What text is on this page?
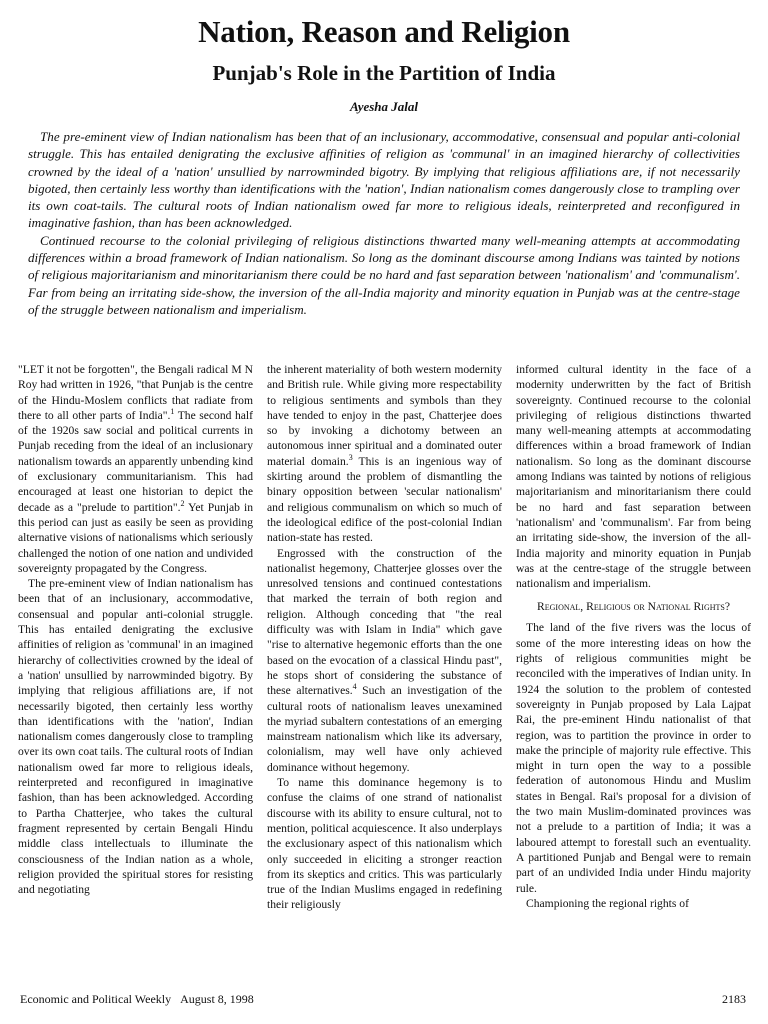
Nation, Reason and Religion
Punjab's Role in the Partition of India
Ayesha Jalal

The pre-eminent view of Indian nationalism has been that of an inclusionary, accommodative, consensual and popular anti-colonial struggle. This has entailed denigrating the exclusive affinities of religion as 'communal' in an imagined hierarchy of collectivities crowned by the ideal of a 'nation' unsullied by narrowminded bigotry. By implying that religious affiliations are, if not necessarily bigoted, then certainly less worthy than identifications with the 'nation', Indian nationalism comes dangerously close to trampling over its own coat-tails. The cultural roots of Indian nationalism owed far more to religious ideals, reinterpreted and reconfigured in imaginative fashion, than has been acknowledged.

Continued recourse to the colonial privileging of religious distinctions thwarted many well-meaning attempts at accommodating differences within a broad framework of Indian nationalism. So long as the dominant discourse among Indians was tainted by notions of religious majoritarianism and minoritarianism there could be no hard and fast separation between 'nationalism' and 'communalism'. Far from being an irritating side-show, the inversion of the all-India majority and minority equation in Punjab was at the centre-stage of the struggle between nationalism and imperialism.

"LET it not be forgotten", the Bengali radical M N Roy had written in 1926, "that Punjab is the centre of the Hindu-Moslem conflicts that radiate from there to all other parts of India".$^1$ The second half of the 1920s saw social and political currents in Punjab receding from the ideal of an inclusionary nationalism towards an apparently unbending kind of exclusionary communitarianism. This had encouraged at least one historian to depict the decade as a "prelude to partition".$^2$ Yet Punjab in this period can just as easily be seen as providing alternative visions of nationalisms which seriously challenged the notion of one nation and undivided sovereignty propagated by the Congress.

The pre-eminent view of Indian nationalism has been that of an inclusionary, accommodative, consensual and popular anti-colonial struggle. This has entailed denigrating the exclusive affinities of religion as 'communal' in an imagined hierarchy of collectivities crowned by the ideal of a 'nation' unsullied by narrowminded bigotry. By implying that religious affiliations are, if not necessarily bigoted, then certainly less worthy than identifications with the 'nation', Indian nationalism comes dangerously close to trampling over its own coat tails. The cultural roots of Indian nationalism owed far more to religious ideals, reinterpreted and reconfigured in imaginative fashion, than has been acknowledged. According to Partha Chatterjee, who takes the cultural fragment represented by certain Bengali Hindu middle class intellectuals to illuminate the consciousness of the Indian nation as a whole, religion provided the spiritual stores for resisting and negotiating

the inherent materiality of both western modernity and British rule. While giving more respectability to religious sentiments and symbols than they have tended to enjoy in the past, Chatterjee does so by invoking a dichotomy between an autonomous inner spiritual and a dominated outer material domain.$^3$ This is an ingenious way of skirting around the problem of dismantling the binary opposition between 'secular nationalism' and religious communalism on which so much of the ideological edifice of the post-colonial Indian nation-state has rested.

Engrossed with the construction of the nationalist hegemony, Chatterjee glosses over the unresolved tensions and continued contestations that marked the terrain of both region and religion. Although conceding that "the real difficulty was with Islam in India" which gave "rise to alternative hegemonic efforts than the one based on the evocation of a classical Hindu past", he stops short of considering the substance of these alternatives.$^4$ Such an investigation of the cultural roots of nationalism leaves unexamined the myriad subaltern contestations of an emerging mainstream nationalism which like its adversary, colonialism, may well have only achieved dominance without hegemony.

To name this dominance hegemony is to confuse the claims of one strand of nationalist discourse with its ability to ensure cultural, not to mention, political acquiescence. It also underplays the exclusionary aspect of this nationalism which only succeeded in eliciting a stronger reaction from its skeptics and critics. This was particularly true of the Indian Muslims engaged in redefining their religiously

informed cultural identity in the face of a modernity underwritten by the fact of British sovereignty. Continued recourse to the colonial privileging of religious distinctions thwarted many well-meaning attempts at accommodating differences within a broad framework of Indian nationalism. So long as the dominant discourse among Indians was tainted by notions of religious majoritarianism and minoritarianism there could be no hard and fast separation between 'nationalism' and 'communalism'. Far from being an irritating side-show, the inversion of the all-India majority and minority equation in Punjab was at the centre-stage of the struggle between nationalism and imperialism.

Regional, Religious or National Rights?

The land of the five rivers was the locus of some of the more interesting ideas on how the rights of religious communities might be reconciled with the imperatives of Indian unity. In 1924 the solution to the problem of contested sovereignty in Punjab proposed by Lala Lajpat Rai, the pre-eminent Hindu nationalist of that region, was to partition the province in order to make the principle of majority rule effective. This might in turn open the way to a possible federation of autonomous Hindu and Muslim states in Bengal. Rai's proposal for a division of the two main Muslim-dominated provinces was not a prelude to a partition of India; it was a laboured attempt to forestall such an eventuality. A partitioned Punjab and Bengal were to remain part of an undivided India under Hindu majority rule.

Championing the regional rights of

Economic and Political Weekly August 8, 1998	2183
